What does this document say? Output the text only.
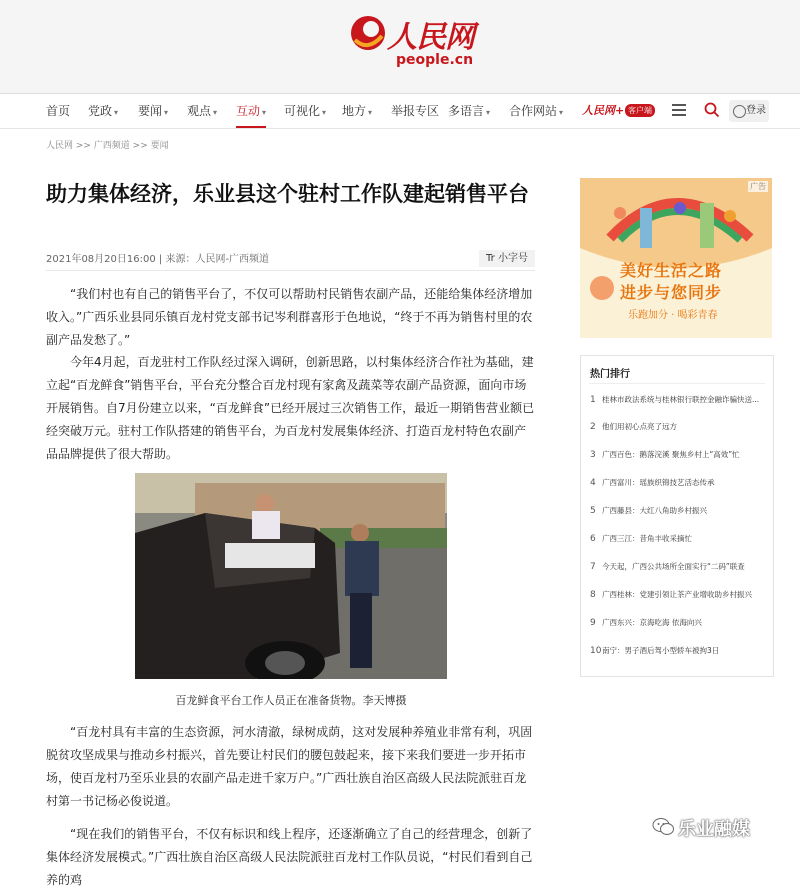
人民网
people.cn
首页 党政 ▾ 要闻 ▾ 观点 ▾ 互动 ▾ 可视化 ▾ 地方 ▾ 举报专区 多语言 ▾ 合作网站 ▾ 人民网+ 客户端	登录
人民网 >> 广西频道 >> 要闻
助力集体经济，乐业县这个驻村工作队建起销售平台
2021年08月20日16:00 | 来源：人民网-广西频道	Tr 小字号

“我们村也有自己的销售平台了，不仅可以帮助村民销售农副产品，还能给集体经济增加收入。”广西乐业县同乐镇百龙村党支部书记岑利群喜形于色地说，“终于不再为销售村里的农副产品发愁了。”

今年4月起，百龙驻村工作队经过深入调研，创新思路，以村集体经济合作社为基础，建立起“百龙鲜食”销售平台，平台充分整合百龙村现有家禽及蔬菜等农副产品资源，面向市场开展销售。自7月份建立以来，“百龙鲜食”已经开展过三次销售工作，最近一期销售营业额已经突破万元。驻村工作队搭建的销售平台，为百龙村发展集体经济、打造百龙村特色农副产品品牌提供了很大帮助。

百龙鲜食平台工作人员正在准备货物。李天博摄

“百龙村具有丰富的生态资源，河水清澈，绿树成荫，这对发展种养殖业非常有利，巩固脱贫攻坚成果与推动乡村振兴，首先要让村民们的腰包鼓起来，接下来我们要进一步开拓市场，使百龙村乃至乐业县的农副产品走进千家万户。”广西壮族自治区高级人民法院派驻百龙村第一书记杨必俊说道。

“现在我们的销售平台，不仅有标识和线上程序，还逐渐确立了自己的经营理念，创新了集体经济发展模式。”广西壮族自治区高级人民法院派驻百龙村工作队员说，“村民们看到自己养的鸡

广告
美好生活之路
进步与您同步
乐跑加分 · 喝彩青春
热门排行
1 桂林市政法系统与桂林银行联控金融诈骗快送...
2 他们用初心点亮了远方
3 广西百色：鹅落浣溪 聚焦乡村上“高效”忙
4 广西富川：瑶族织锦技艺活态传承
5 广西藤县：大红八角助乡村振兴
6 广西三江：昔角丰收采摘忙
7 今天起，广西公共场所全面实行“二码”联查
8 广西桂林：党建引领让茶产业增收助乡村振兴
9 广西东兴：京海吃海 依海向兴
10南宁：男子酒后驾小型轿车被拘3日
乐业融媒
